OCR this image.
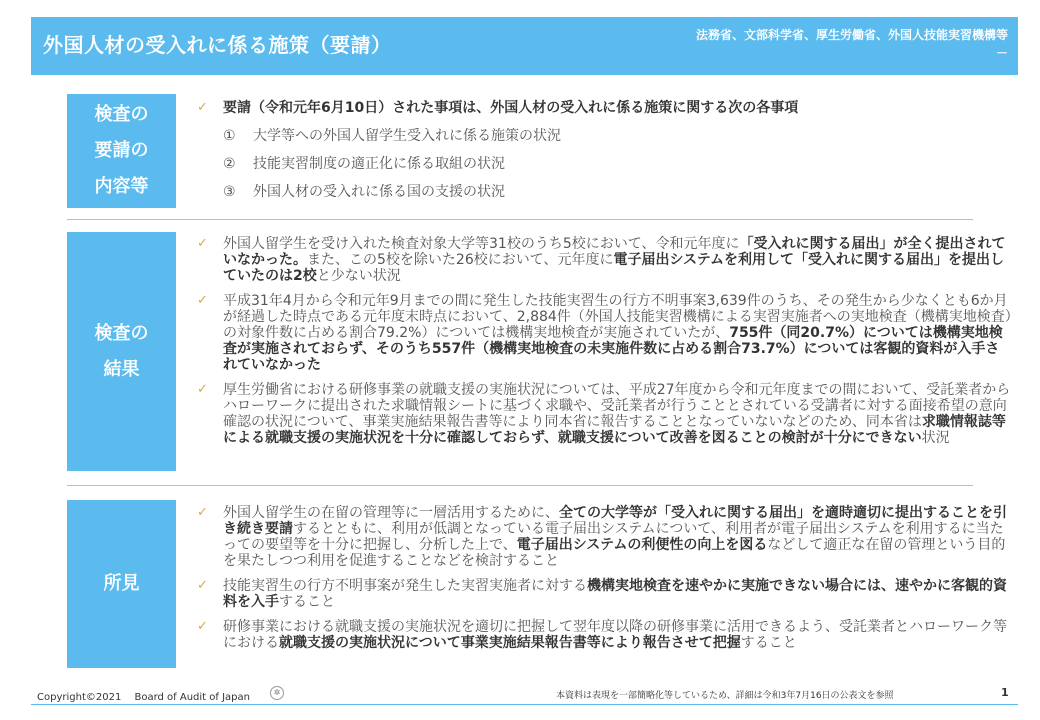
外国人材の受入れに係る施策（要請）	法務省、文部科学省、厚生労働省、外国人技能実習機構等
－
検査の
要請の
内容等
✓ 要請（令和元年6月10日）された事項は、外国人材の受入れに係る施策に関する次の各事項
① 大学等への外国人留学生受入れに係る施策の状況
② 技能実習制度の適正化に係る取組の状況
③ 外国人材の受入れに係る国の支援の状況
検査の
結果
✓ 外国人留学生を受け入れた検査対象大学等31校のうち5校において、令和元年度に「受入れに関する届出」が全く提出されていなかった。また、この5校を除いた26校において、元年度に電子届出システムを利用して「受入れに関する届出」を提出していたのは2校と少ない状況
✓ 平成31年4月から令和元年9月までの間に発生した技能実習生の行方不明事案3,639件のうち、その発生から少なくとも6か月が経過した時点である元年度末時点において、2,884件（外国人技能実習機構による実習実施者への実地検査（機構実地検査）の対象件数に占める割合79.2%）については機構実地検査が実施されていたが、755件（同20.7%）については機構実地検査が実施されておらず、そのうち557件（機構実地検査の未実施件数に占める割合73.7%）については客観的資料が入手されていなかった
✓ 厚生労働省における研修事業の就職支援の実施状況については、平成27年度から令和元年度までの間において、受託業者からハローワークに提出された求職情報シートに基づく求職や、受託業者が行うこととされている受講者に対する面接希望の意向確認の状況について、事業実施結果報告書等により同本省に報告することとなっていないなどのため、同本省は求職情報誌等による就職支援の実施状況を十分に確認しておらず、就職支援について改善を図ることの検討が十分にできない状況
所見
✓ 外国人留学生の在留の管理等に一層活用するために、全ての大学等が「受入れに関する届出」を適時適切に提出することを引き続き要請するとともに、利用が低調となっている電子届出システムについて、利用者が電子届出システムを利用するに当たっての要望等を十分に把握し、分析した上で、電子届出システムの利便性の向上を図るなどして適正な在留の管理という目的を果たしつつ利用を促進することなどを検討すること
✓ 技能実習生の行方不明事案が発生した実習実施者に対する機構実地検査を速やかに実施できない場合には、速やかに客観的資料を入手すること
✓ 研修事業における就職支援の実施状況を適切に把握して翌年度以降の研修事業に活用できるよう、受託業者とハローワーク等における就職支援の実施状況について事業実施結果報告書等により報告させて把握すること
Copyright©2021　 Board of Audit of Japan	✲	本資料は表現を一部簡略化等しているため、詳細は令和3年7月16日の公表文を参照	1
